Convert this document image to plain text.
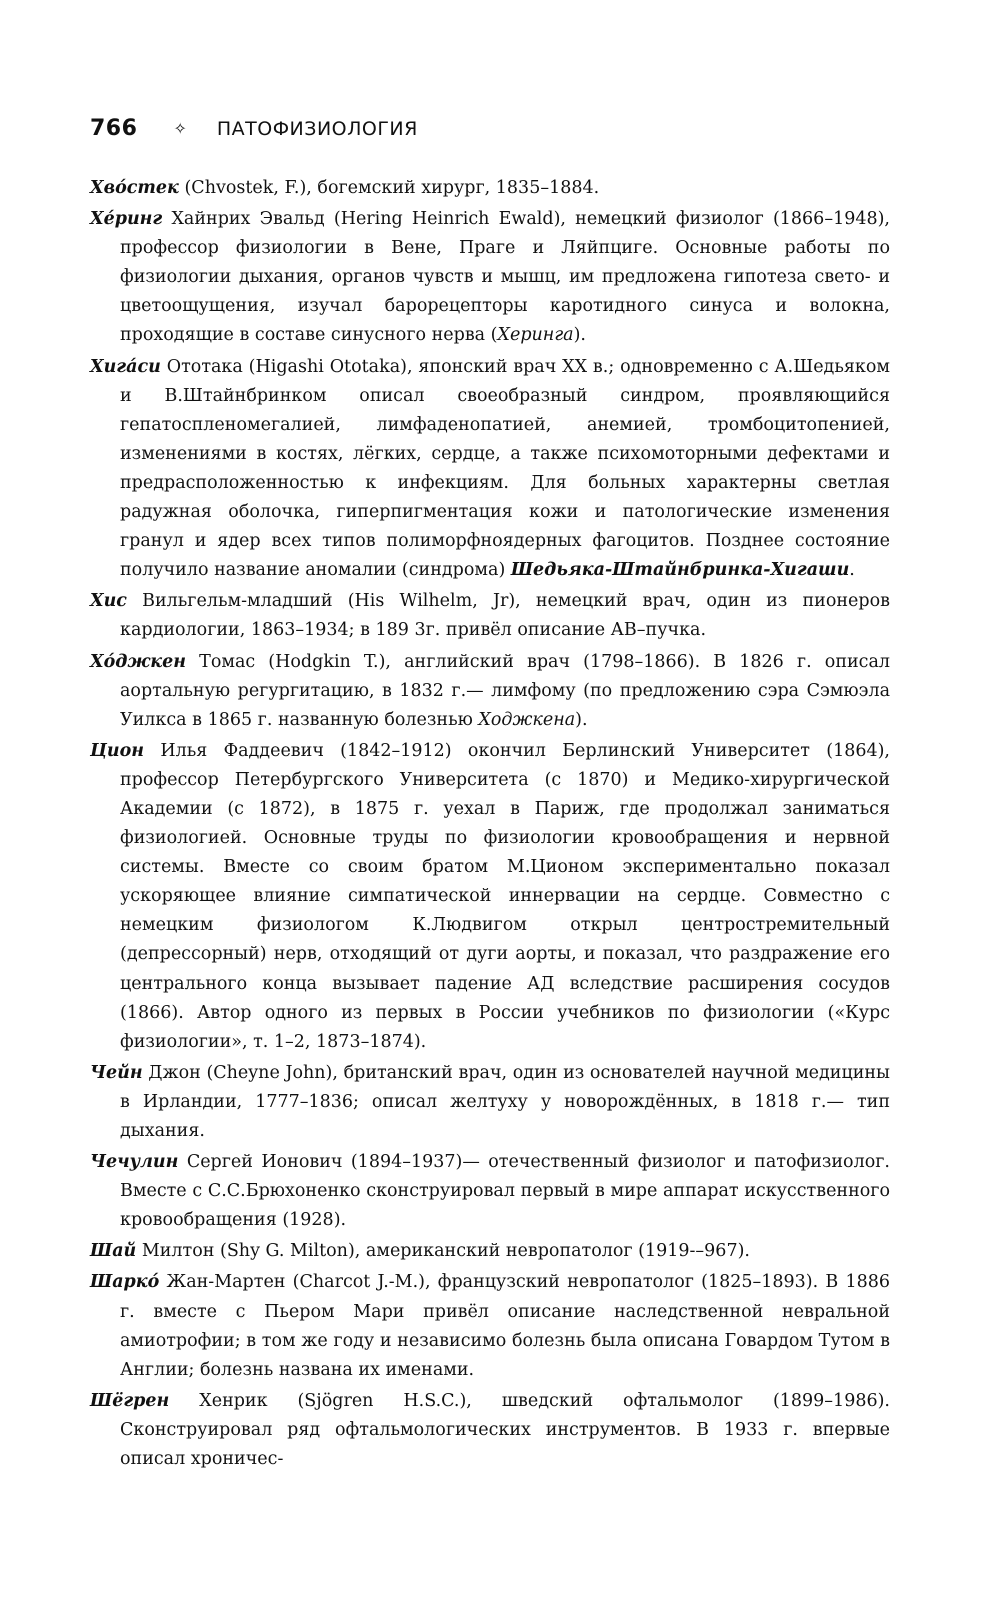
766 ✧ ПАТОФИЗИОЛОГИЯ

Хвóстек (Chvostek, F.), богемский хирург, 1835–1884.

Хéринг Хайнрих Эвальд (Hering Heinrich Ewald), немецкий физиолог (1866–1948), профессор физиологии в Вене, Праге и Ляйпциге. Основные работы по физиологии дыхания, органов чувств и мышц, им предложена гипотеза свето- и цветоощущения, изучал барорецепторы каротидного синуса и волокна, проходящие в составе синусного нерва (Херинга).

Хигáси Ототака (Higashi Ototaka), японский врач XX в.; одновременно с А.Шедьяком и В.Штайнбринком описал своеобразный синдром, проявляющийся гепатоспленомегалией, лимфаденопатией, анемией, тромбоцитопенией, изменениями в костях, лёгких, сердце, а также психомоторными дефектами и предрасположенностью к инфекциям. Для больных характерны светлая радужная оболочка, гиперпигментация кожи и патологические изменения гранул и ядер всех типов полиморфноядерных фагоцитов. Позднее состояние получило название аномалии (синдрома) Шедьяка-Штайнбринка-Хигаши.

Хис Вильгельм-младший (His Wilhelm, Jr), немецкий врач, один из пионеров кардиологии, 1863–1934; в 189 3г. привёл описание АВ–пучка.

Хóджкен Томас (Hodgkin T.), английский врач (1798–1866). В 1826 г. описал аортальную регургитацию, в 1832 г.— лимфому (по предложению сэра Сэмюэла Уилкса в 1865 г. названную болезнью Ходжкена).

Цион Илья Фаддеевич (1842–1912) окончил Берлинский Университет (1864), профессор Петербургского Университета (с 1870) и Медико-хирургической Академии (с 1872), в 1875 г. уехал в Париж, где продолжал заниматься физиологией. Основные труды по физиологии кровообращения и нервной системы. Вместе со своим братом М.Ционом экспериментально показал ускоряющее влияние симпатической иннервации на сердце. Совместно с немецким физиологом К.Людвигом открыл центростремительный (депрессорный) нерв, отходящий от дуги аорты, и показал, что раздражение его центрального конца вызывает падение АД вследствие расширения сосудов (1866). Автор одного из первых в России учебников по физиологии («Курс физиологии», т. 1–2, 1873–1874).

Чейн Джон (Cheyne John), британский врач, один из основателей научной медицины в Ирландии, 1777–1836; описал желтуху у новорождённых, в 1818 г.— тип дыхания.

Чечулин Сергей Ионович (1894–1937)— отечественный физиолог и патофизиолог. Вместе с С.С.Брюхоненко сконструировал первый в мире аппарат искусственного кровообращения (1928).

Шай Милтон (Shy G. Milton), американский невропатолог (1919-–967).

Шаркó Жан-Мартен (Charcot J.-M.), французский невропатолог (1825–1893). В 1886 г. вместе с Пьером Мари привёл описание наследственной невральной амиотрофии; в том же году и независимо болезнь была описана Говардом Тутом в Англии; болезнь названа их именами.

Шёгрен Хенрик (Sjögren H.S.C.), шведский офтальмолог (1899–1986). Сконструировал ряд офтальмологических инструментов. В 1933 г. впервые описал хроничес-
